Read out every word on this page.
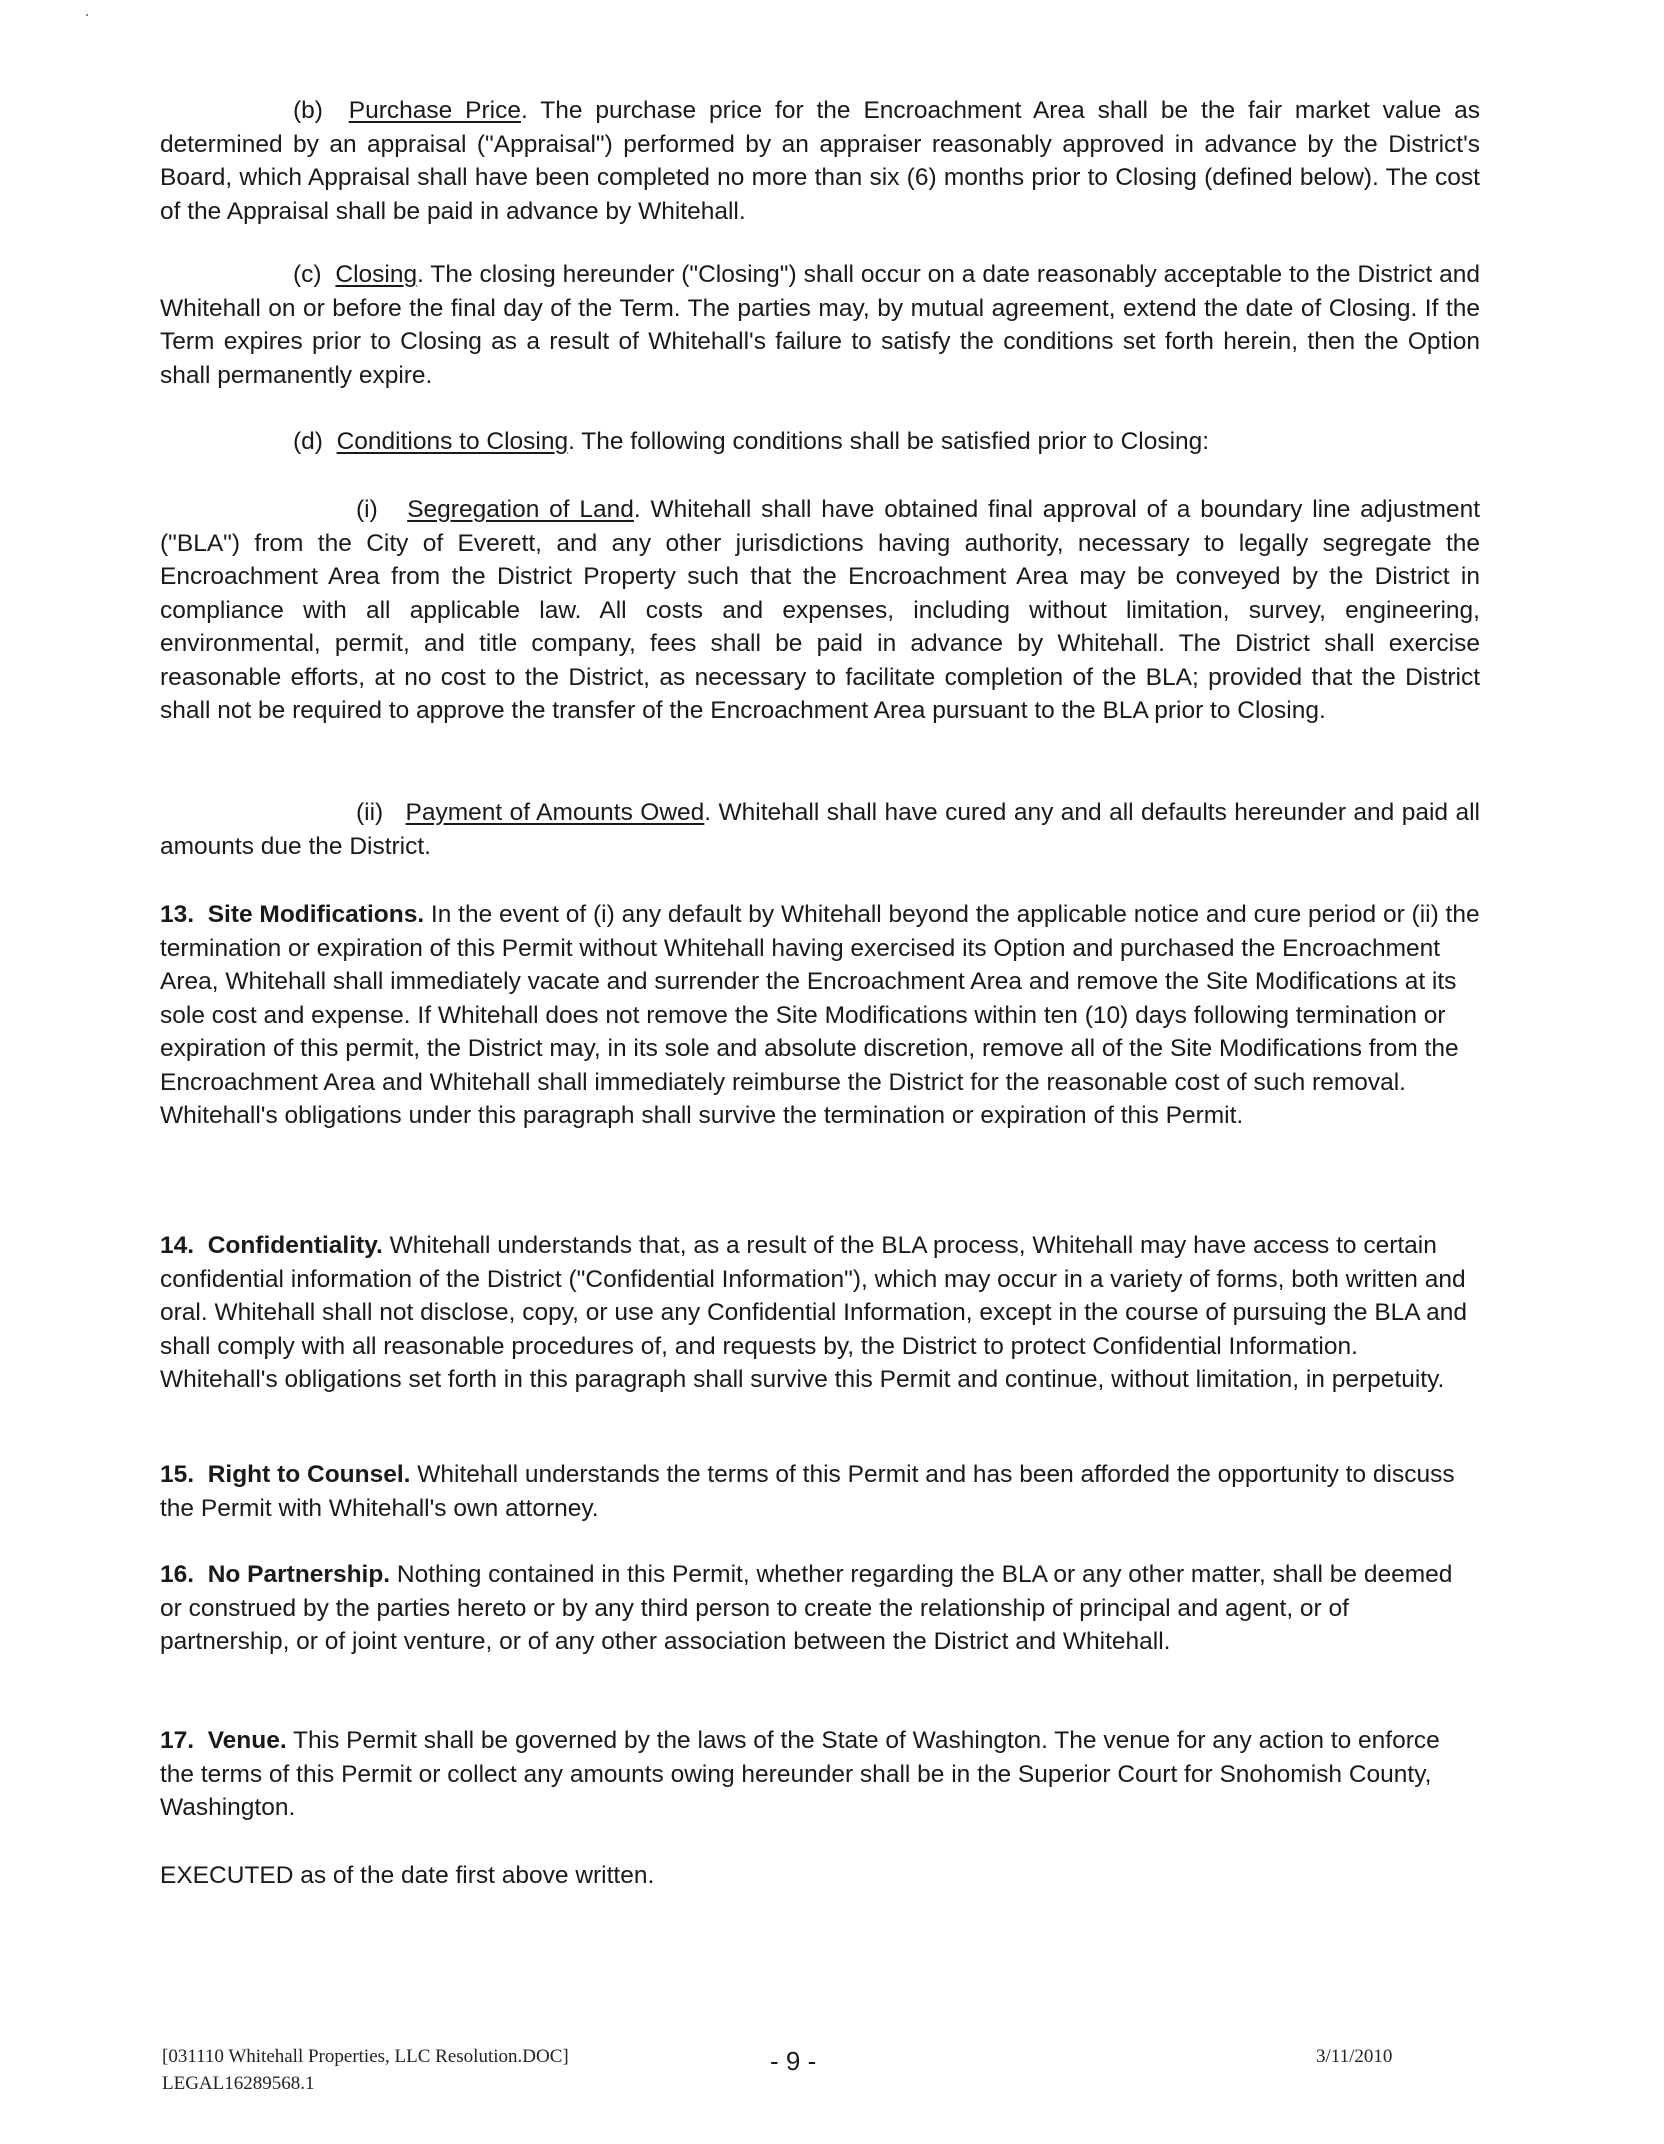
(b) Purchase Price. The purchase price for the Encroachment Area shall be the fair market value as determined by an appraisal ("Appraisal") performed by an appraiser reasonably approved in advance by the District's Board, which Appraisal shall have been completed no more than six (6) months prior to Closing (defined below). The cost of the Appraisal shall be paid in advance by Whitehall.

(c) Closing. The closing hereunder ("Closing") shall occur on a date reasonably acceptable to the District and Whitehall on or before the final day of the Term. The parties may, by mutual agreement, extend the date of Closing. If the Term expires prior to Closing as a result of Whitehall's failure to satisfy the conditions set forth herein, then the Option shall permanently expire.

(d) Conditions to Closing. The following conditions shall be satisfied prior to Closing:

(i) Segregation of Land. Whitehall shall have obtained final approval of a boundary line adjustment ("BLA") from the City of Everett, and any other jurisdictions having authority, necessary to legally segregate the Encroachment Area from the District Property such that the Encroachment Area may be conveyed by the District in compliance with all applicable law. All costs and expenses, including without limitation, survey, engineering, environmental, permit, and title company, fees shall be paid in advance by Whitehall. The District shall exercise reasonable efforts, at no cost to the District, as necessary to facilitate completion of the BLA; provided that the District shall not be required to approve the transfer of the Encroachment Area pursuant to the BLA prior to Closing.

(ii) Payment of Amounts Owed. Whitehall shall have cured any and all defaults hereunder and paid all amounts due the District.

13. Site Modifications. In the event of (i) any default by Whitehall beyond the applicable notice and cure period or (ii) the termination or expiration of this Permit without Whitehall having exercised its Option and purchased the Encroachment Area, Whitehall shall immediately vacate and surrender the Encroachment Area and remove the Site Modifications at its sole cost and expense. If Whitehall does not remove the Site Modifications within ten (10) days following termination or expiration of this permit, the District may, in its sole and absolute discretion, remove all of the Site Modifications from the Encroachment Area and Whitehall shall immediately reimburse the District for the reasonable cost of such removal. Whitehall's obligations under this paragraph shall survive the termination or expiration of this Permit.

14. Confidentiality. Whitehall understands that, as a result of the BLA process, Whitehall may have access to certain confidential information of the District ("Confidential Information"), which may occur in a variety of forms, both written and oral. Whitehall shall not disclose, copy, or use any Confidential Information, except in the course of pursuing the BLA and shall comply with all reasonable procedures of, and requests by, the District to protect Confidential Information. Whitehall's obligations set forth in this paragraph shall survive this Permit and continue, without limitation, in perpetuity.

15. Right to Counsel. Whitehall understands the terms of this Permit and has been afforded the opportunity to discuss the Permit with Whitehall's own attorney.

16. No Partnership. Nothing contained in this Permit, whether regarding the BLA or any other matter, shall be deemed or construed by the parties hereto or by any third person to create the relationship of principal and agent, or of partnership, or of joint venture, or of any other association between the District and Whitehall.

17. Venue. This Permit shall be governed by the laws of the State of Washington. The venue for any action to enforce the terms of this Permit or collect any amounts owing hereunder shall be in the Superior Court for Snohomish County, Washington.

EXECUTED as of the date first above written.

[031110 Whitehall Properties, LLC Resolution.DOC]
LEGAL16289568.1
- 9 -	3/11/2010
